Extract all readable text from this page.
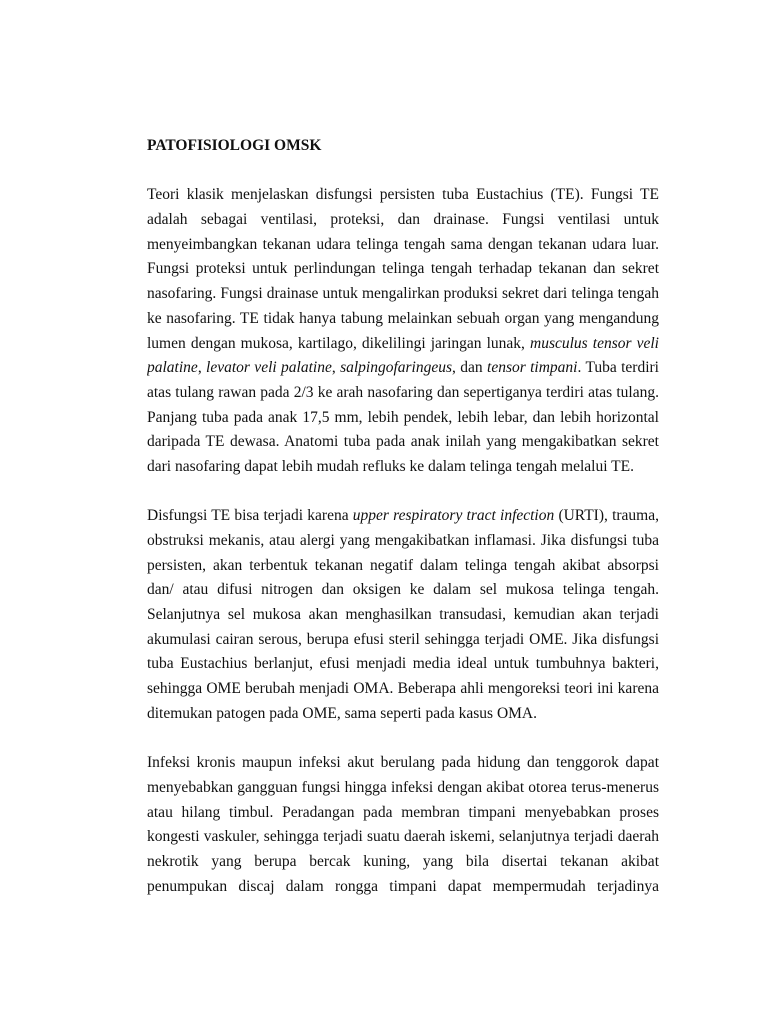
PATOFISIOLOGI OMSK
Teori klasik menjelaskan disfungsi persisten tuba Eustachius (TE). Fungsi TE
adalah sebagai ventilasi, proteksi, dan drainase. Fungsi ventilasi untuk
menyeimbangkan tekanan udara telinga tengah sama dengan tekanan udara luar.
Fungsi proteksi untuk perlindungan telinga tengah terhadap tekanan dan sekret
nasofaring. Fungsi drainase untuk mengalirkan produksi sekret dari telinga tengah
ke nasofaring. TE tidak hanya tabung melainkan sebuah organ yang mengandung
lumen dengan mukosa, kartilago, dikelilingi jaringan lunak, musculus tensor veli
palatine, levator veli palatine, salpingofaringeus, dan tensor timpani. Tuba terdiri
atas tulang rawan pada 2/3 ke arah nasofaring dan sepertiganya terdiri atas tulang.
Panjang tuba pada anak 17,5 mm, lebih pendek, lebih lebar, dan lebih horizontal
daripada TE dewasa. Anatomi tuba pada anak inilah yang mengakibatkan sekret
dari nasofaring dapat lebih mudah refluks ke dalam telinga tengah melalui TE.
Disfungsi TE bisa terjadi karena upper respiratory tract infection (URTI), trauma,
obstruksi mekanis, atau alergi yang mengakibatkan inflamasi. Jika disfungsi tuba
persisten, akan terbentuk tekanan negatif dalam telinga tengah akibat absorpsi
dan/ atau difusi nitrogen dan oksigen ke dalam sel mukosa telinga tengah.
Selanjutnya sel mukosa akan menghasilkan transudasi, kemudian akan terjadi
akumulasi cairan serous, berupa efusi steril sehingga terjadi OME. Jika disfungsi
tuba Eustachius berlanjut, efusi menjadi media ideal untuk tumbuhnya bakteri,
sehingga OME berubah menjadi OMA. Beberapa ahli mengoreksi teori ini karena
ditemukan patogen pada OME, sama seperti pada kasus OMA.
Infeksi kronis maupun infeksi akut berulang pada hidung dan tenggorok dapat
menyebabkan gangguan fungsi hingga infeksi dengan akibat otorea terus-menerus
atau hilang timbul. Peradangan pada membran timpani menyebabkan proses
kongesti vaskuler, sehingga terjadi suatu daerah iskemi, selanjutnya terjadi daerah
nekrotik yang berupa bercak kuning, yang bila disertai tekanan akibat
penumpukan discaj dalam rongga timpani dapat mempermudah terjadinya
